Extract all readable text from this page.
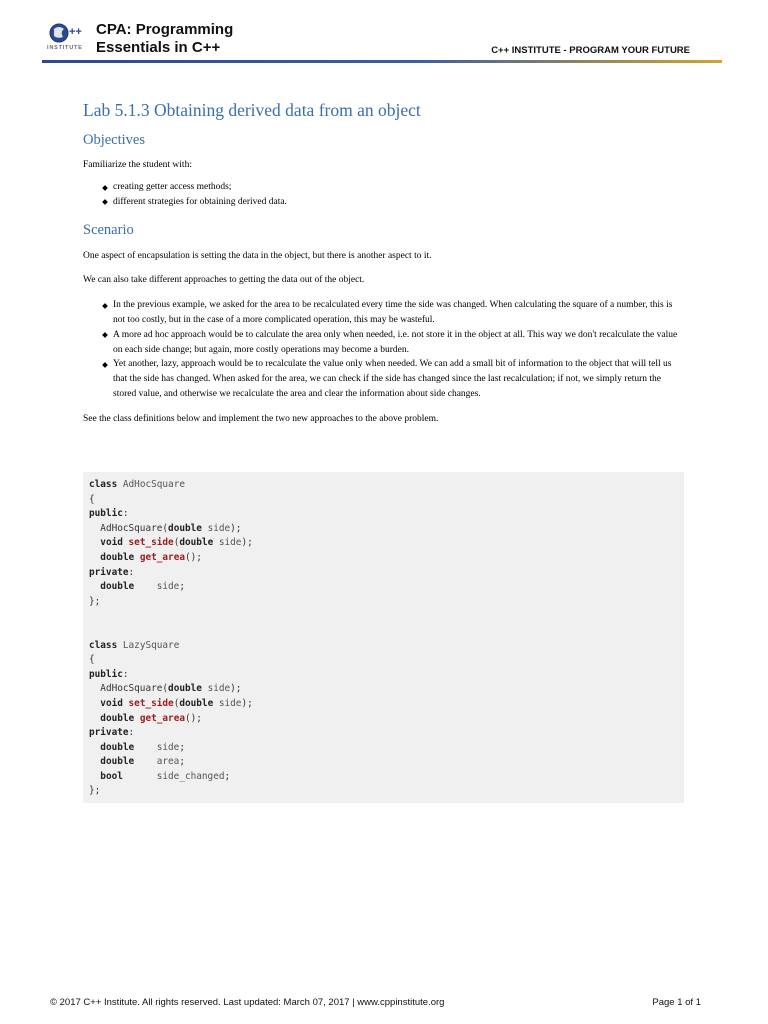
++
INSTITUTE
CPA: Programming
Essentials in C++	C++ INSTITUTE - PROGRAM YOUR FUTURE
Lab 5.1.3 Obtaining derived data from an object
Objectives

Familiarize the student with:

creating getter access methods;
different strategies for obtaining derived data.
Scenario

One aspect of encapsulation is setting the data in the object, but there is another aspect to it.

We can also take different approaches to getting the data out of the object.

In the previous example, we asked for the area to be recalculated every time the side was changed. When calculating the square of a number, this is not too costly, but in the case of a more complicated operation, this may be wasteful.
A more ad hoc approach would be to calculate the area only when needed, i.e. not store it in the object at all. This way we don't recalculate the value on each side change; but again, more costly operations may become a burden.
Yet another, lazy, approach would be to recalculate the value only when needed. We can add a small bit of information to the object that will tell us that the side has changed. When asked for the area, we can check if the side has changed since the last recalculation; if not, we simply return the stored value, and otherwise we recalculate the area and clear the information about side changes.

See the class definitions below and implement the two new approaches to the above problem.

class AdHocSquare
{
public:
AdHocSquare(double side);
void set_side(double side);
double get_area();
private:
double side;
};

class LazySquare
{
public:
AdHocSquare(double side);
void set_side(double side);
double get_area();
private:
double side;
double area;
bool	side_changed;
};
© 2017 C++ Institute. All rights reserved. Last updated: March 07, 2017 | www.cppinstitute.org	Page 1 of 1
